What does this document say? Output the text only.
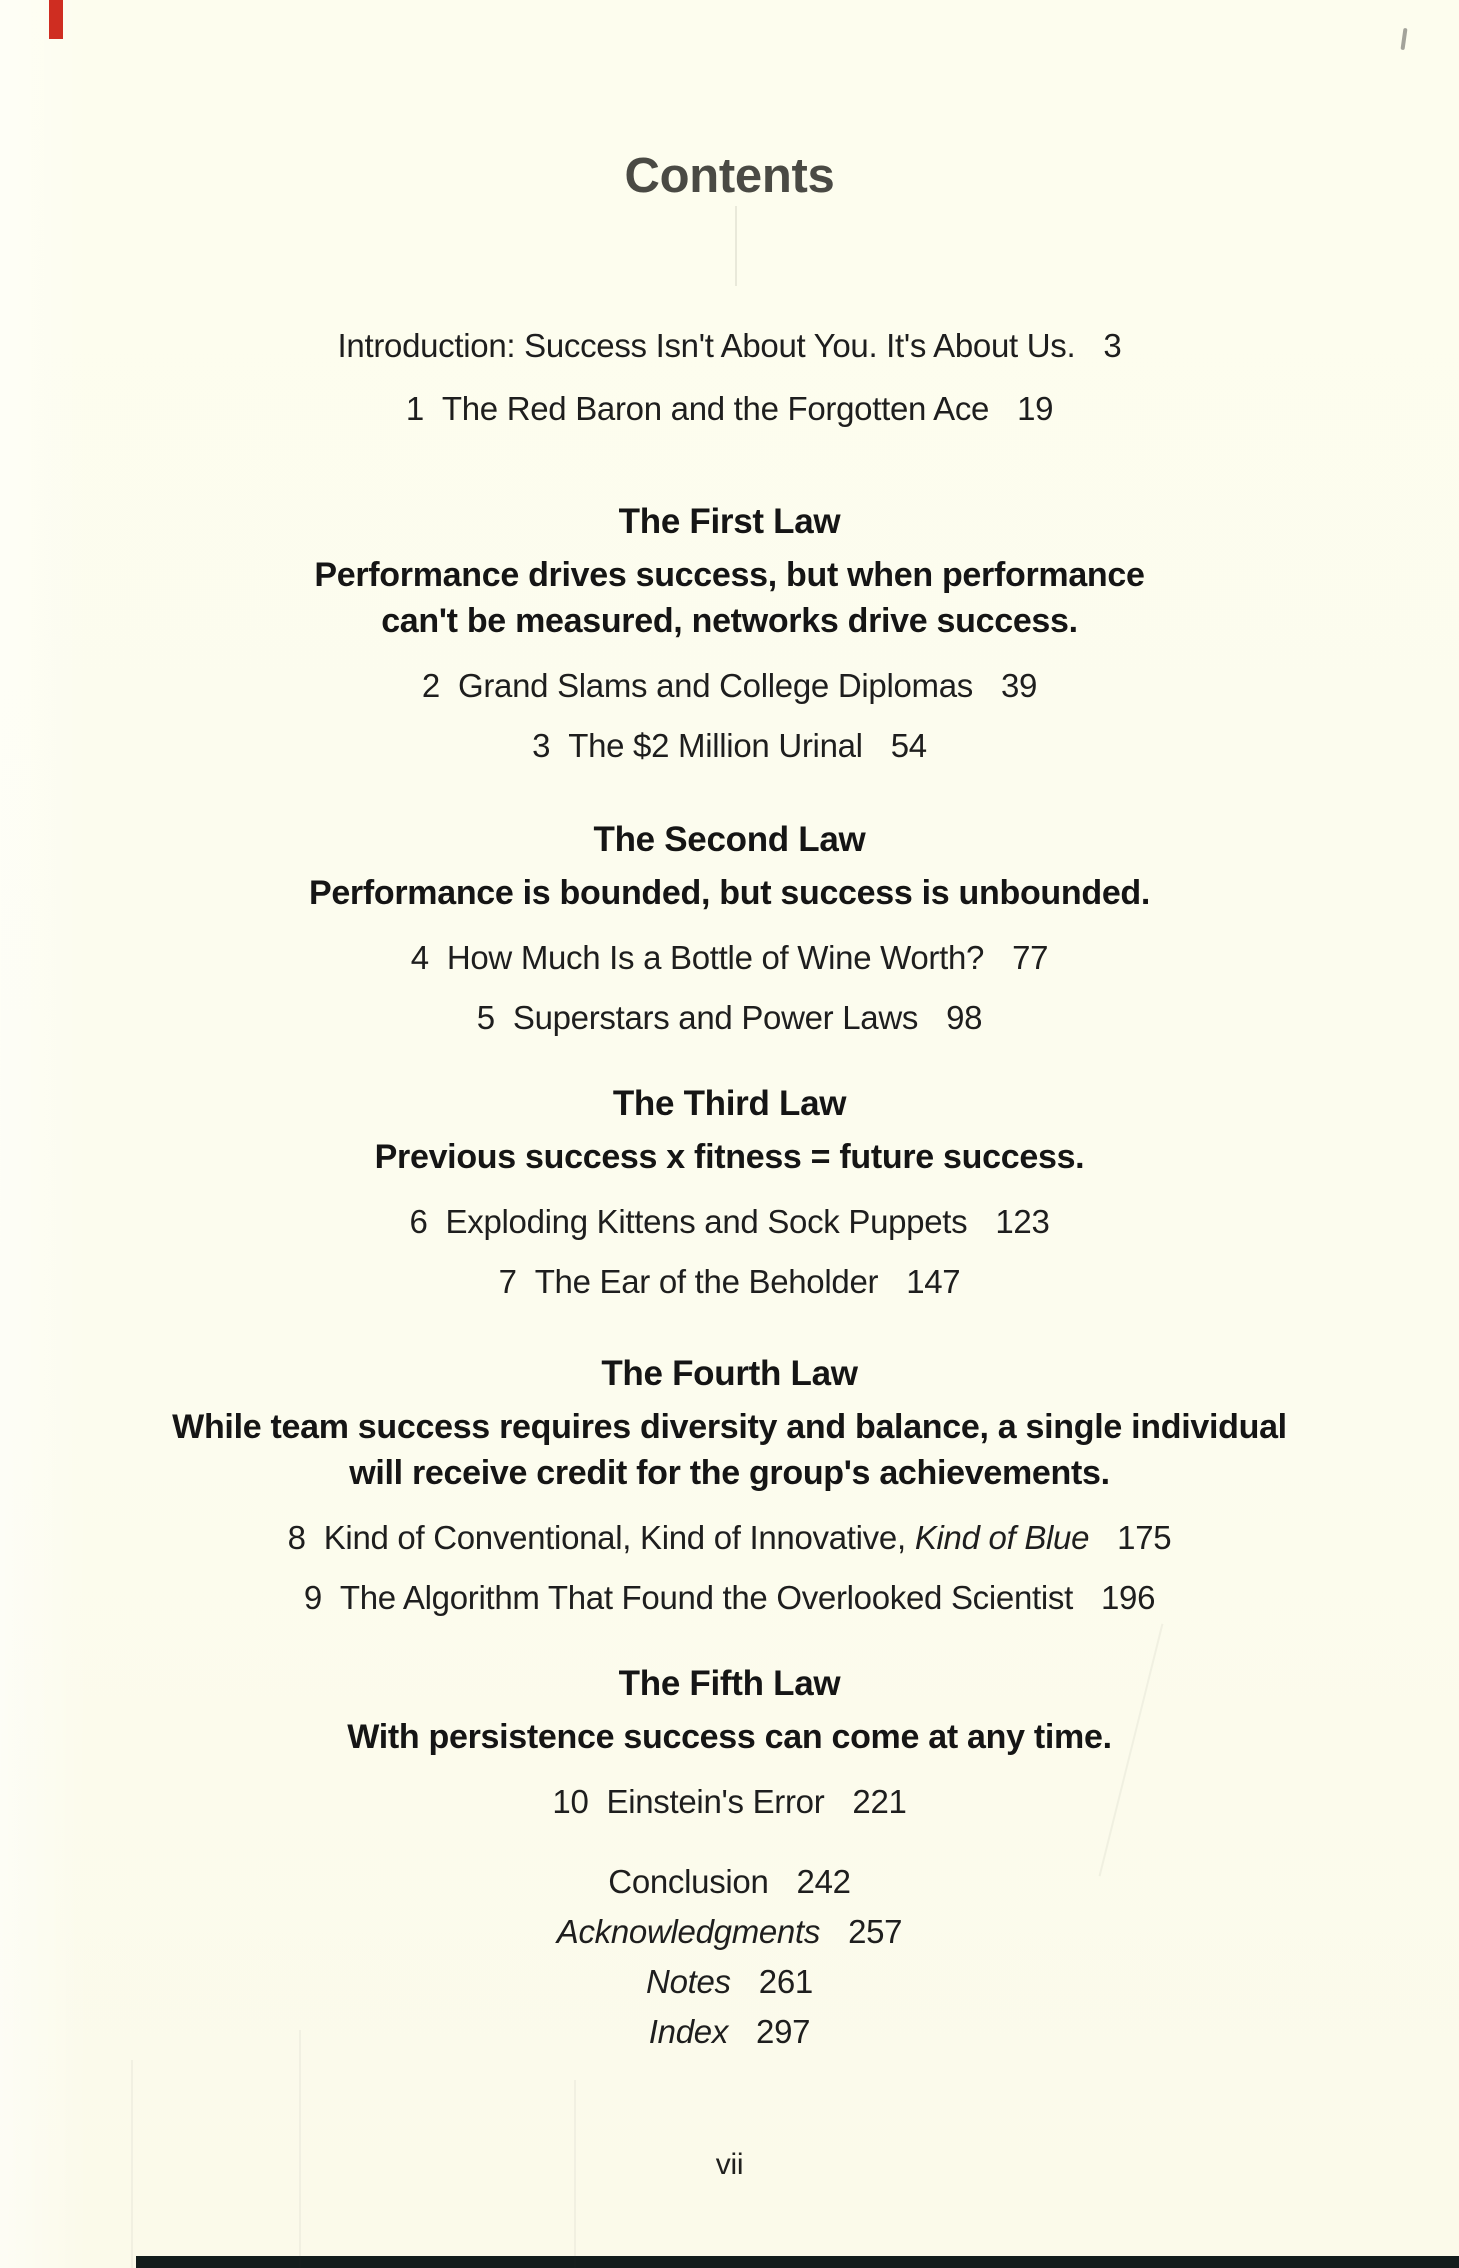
Contents
Introduction: Success Isn't About You. It's About Us. 3
1 The Red Baron and the Forgotten Ace 19
The First Law
Performance drives success, but when performance
can't be measured, networks drive success.
2 Grand Slams and College Diplomas 39
3 The $2 Million Urinal 54
The Second Law
Performance is bounded, but success is unbounded.
4 How Much Is a Bottle of Wine Worth? 77
5 Superstars and Power Laws 98
The Third Law
Previous success x fitness = future success.
6 Exploding Kittens and Sock Puppets 123
7 The Ear of the Beholder 147
The Fourth Law
While team success requires diversity and balance, a single individual
will receive credit for the group's achievements.
8 Kind of Conventional, Kind of Innovative, Kind of Blue 175
9 The Algorithm That Found the Overlooked Scientist 196
The Fifth Law
With persistence success can come at any time.
10 Einstein's Error 221
Conclusion 242
Acknowledgments 257
Notes 261
Index 297
vii
